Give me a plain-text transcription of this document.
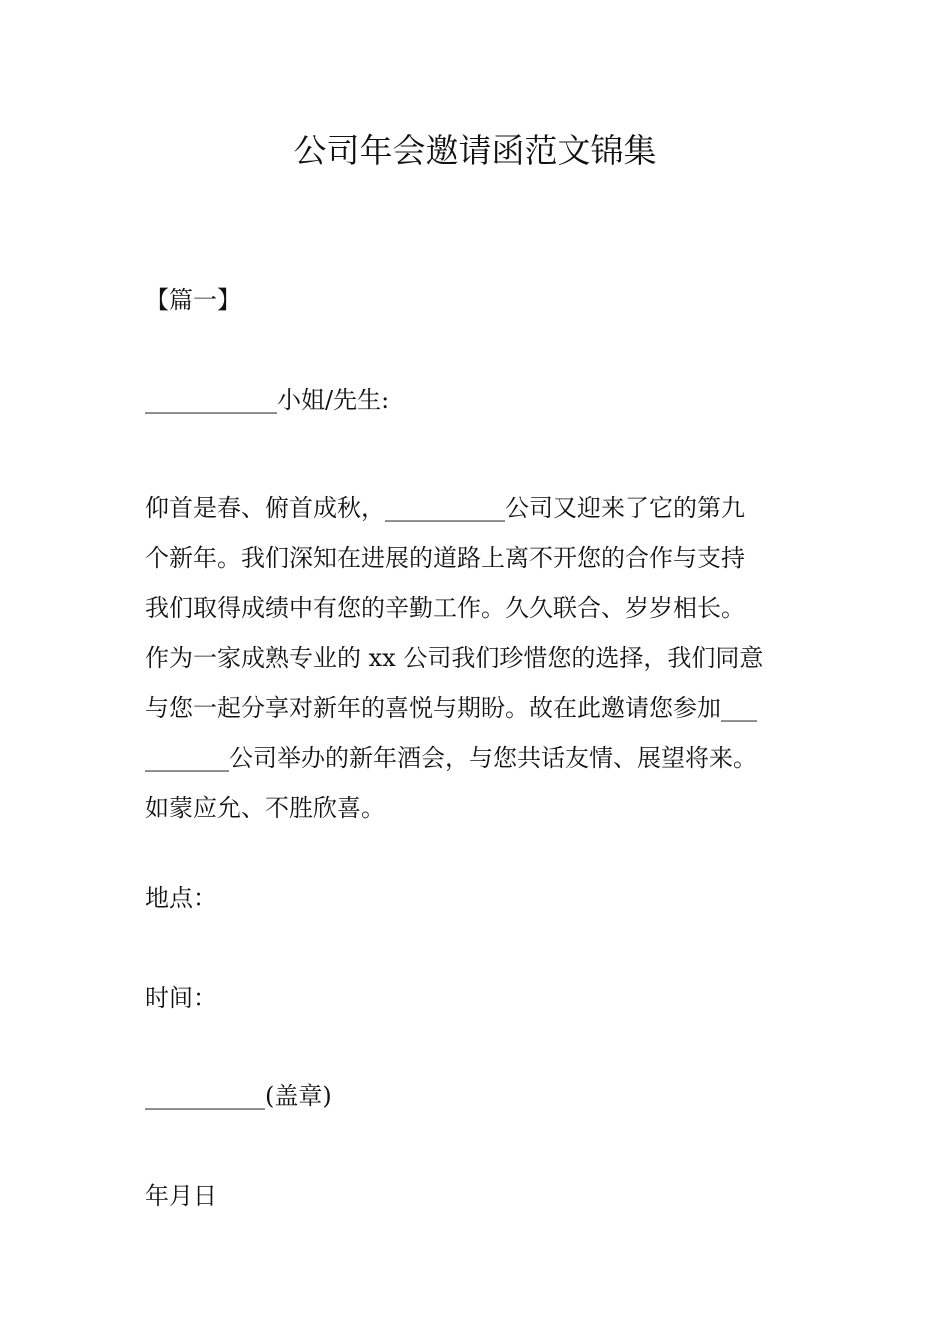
公司年会邀请函范文锦集
【篇一】
___________小姐/先生:
仰首是春、俯首成秋，__________公司又迎来了它的第九
个新年。我们深知在进展的道路上离不开您的合作与支持
我们取得成绩中有您的辛勤工作。久久联合、岁岁相长。
作为一家成熟专业的 xx 公司我们珍惜您的选择，我们同意
与您一起分享对新年的喜悦与期盼。故在此邀请您参加___
_______公司举办的新年酒会，与您共话友情、展望将来。
如蒙应允、不胜欣喜。
地点：
时间：
__________(盖章)
年月日
